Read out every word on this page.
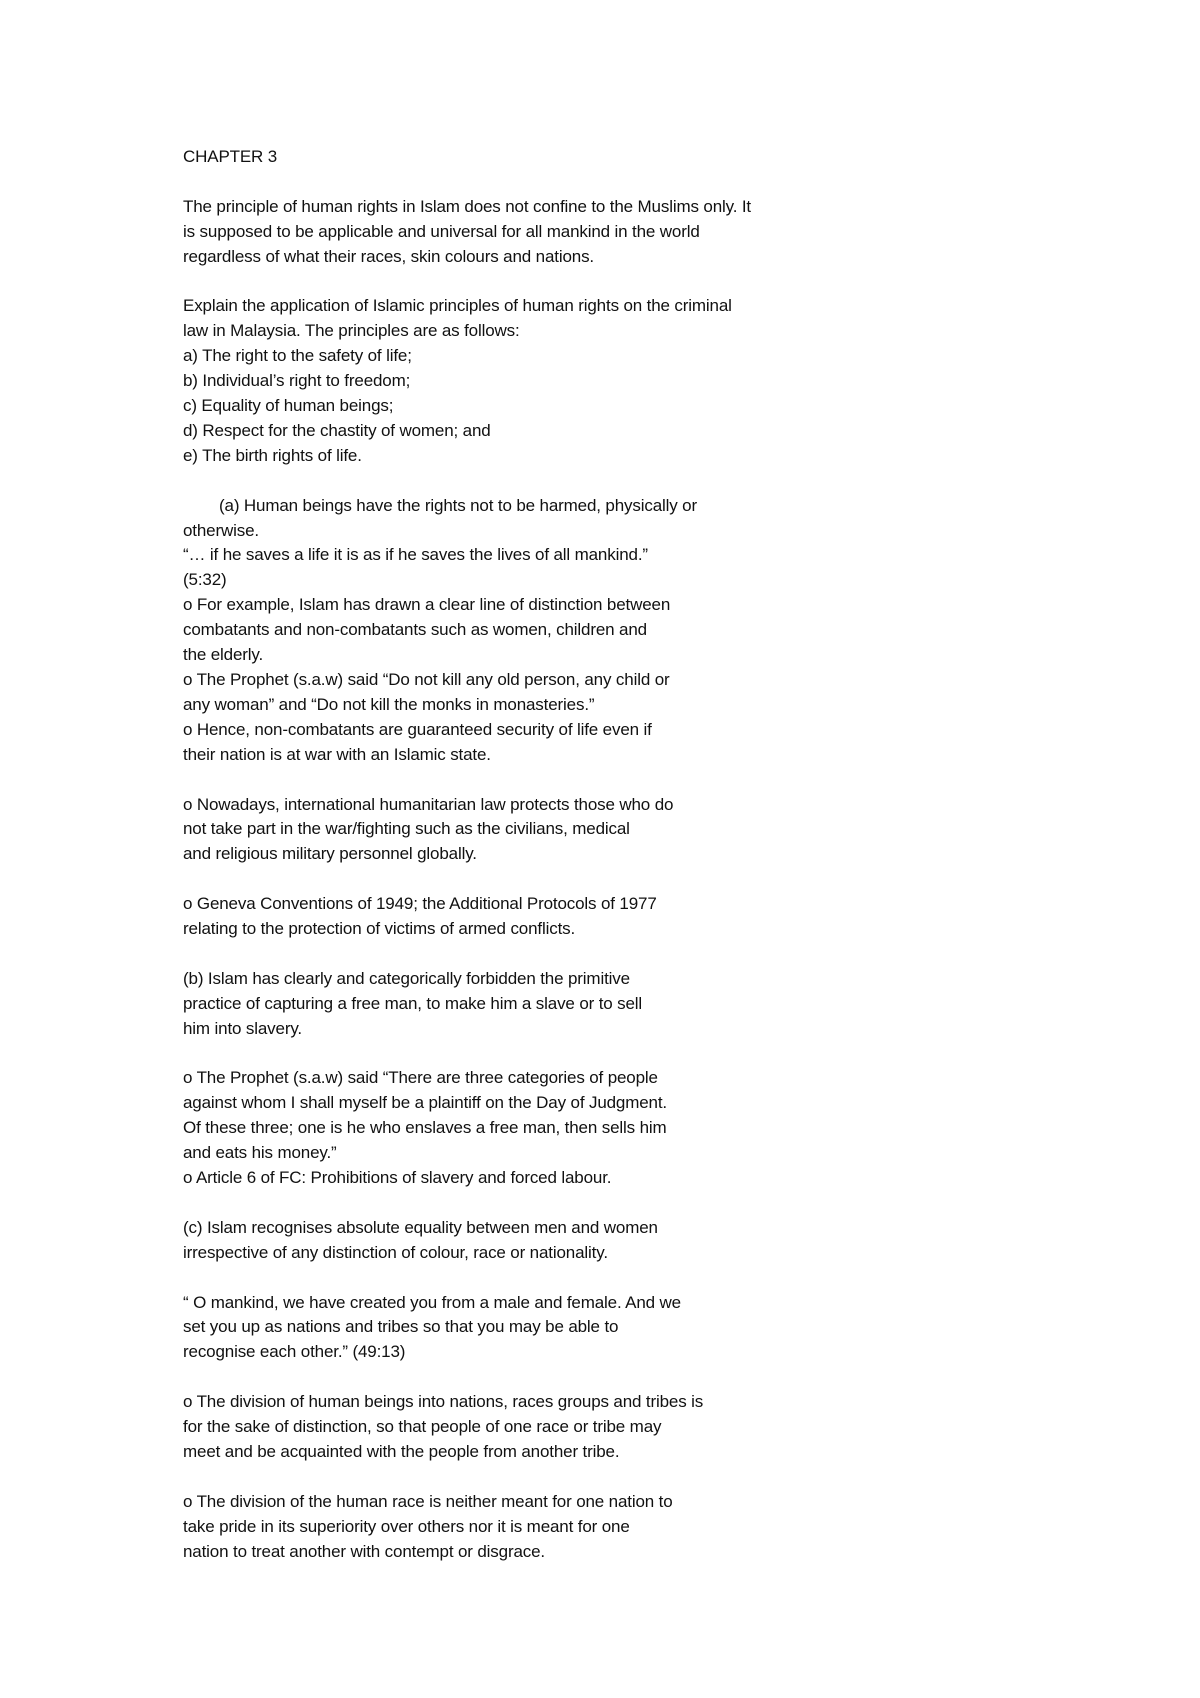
CHAPTER 3
The principle of human rights in Islam does not confine to the Muslims only. It
is supposed to be applicable and universal for all mankind in the world
regardless of what their races, skin colours and nations.
Explain the application of Islamic principles of human rights on the criminal
law in Malaysia. The principles are as follows:
a) The right to the safety of life;
b) Individual’s right to freedom;
c) Equality of human beings;
d) Respect for the chastity of women; and
e) The birth rights of life.
(a) Human beings have the rights not to be harmed, physically or
otherwise.
“… if he saves a life it is as if he saves the lives of all mankind.”
(5:32)
o For example, Islam has drawn a clear line of distinction between
combatants and non-combatants such as women, children and
the elderly.
o The Prophet (s.a.w) said “Do not kill any old person, any child or
any woman” and “Do not kill the monks in monasteries.”
o Hence, non-combatants are guaranteed security of life even if
their nation is at war with an Islamic state.
o Nowadays, international humanitarian law protects those who do
not take part in the war/fighting such as the civilians, medical
and religious military personnel globally.
o Geneva Conventions of 1949; the Additional Protocols of 1977
relating to the protection of victims of armed conflicts.
(b) Islam has clearly and categorically forbidden the primitive
practice of capturing a free man, to make him a slave or to sell
him into slavery.
o The Prophet (s.a.w) said “There are three categories of people
against whom I shall myself be a plaintiff on the Day of Judgment.
Of these three; one is he who enslaves a free man, then sells him
and eats his money.”
o Article 6 of FC: Prohibitions of slavery and forced labour.
(c) Islam recognises absolute equality between men and women
irrespective of any distinction of colour, race or nationality.
“ O mankind, we have created you from a male and female. And we
set you up as nations and tribes so that you may be able to
recognise each other.” (49:13)
o The division of human beings into nations, races groups and tribes is
for the sake of distinction, so that people of one race or tribe may
meet and be acquainted with the people from another tribe.
o The division of the human race is neither meant for one nation to
take pride in its superiority over others nor it is meant for one
nation to treat another with contempt or disgrace.
